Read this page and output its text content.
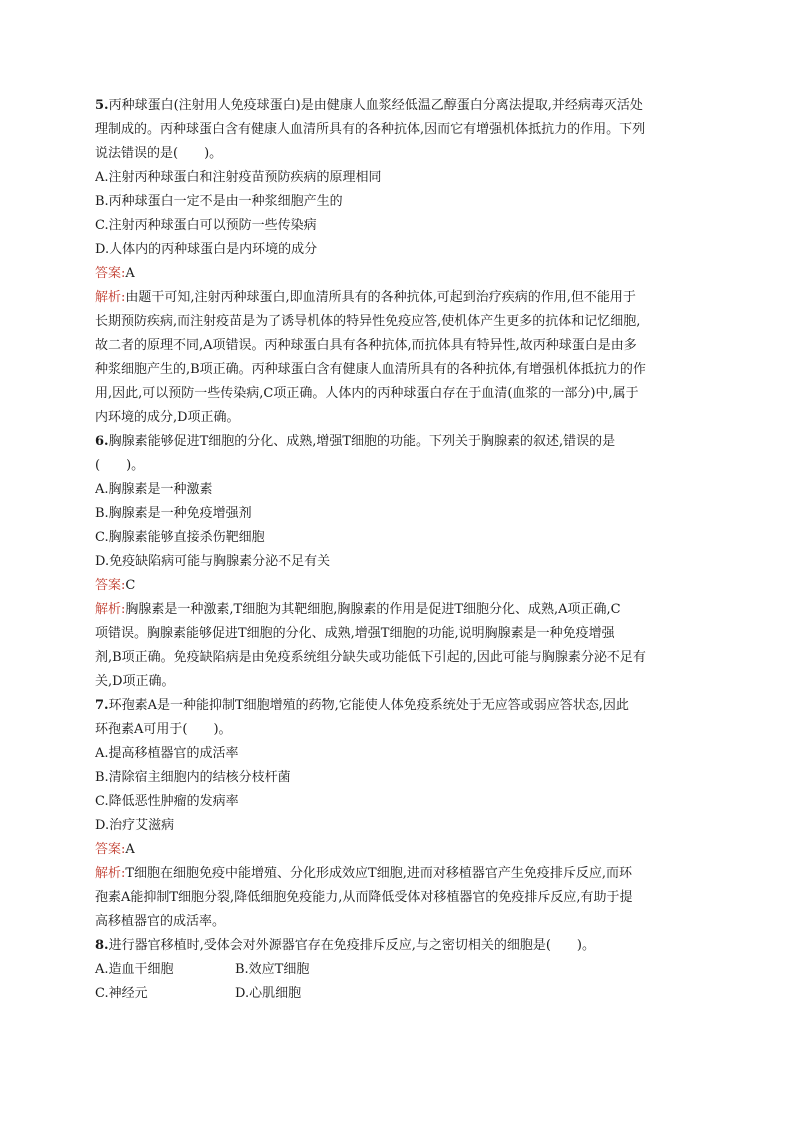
5.丙种球蛋白(注射用人免疫球蛋白)是由健康人血浆经低温乙醇蛋白分离法提取,并经病毒灭活处
理制成的。丙种球蛋白含有健康人血清所具有的各种抗体,因而它有增强机体抵抗力的作用。下列
说法错误的是(　　)。
A.注射丙种球蛋白和注射疫苗预防疾病的原理相同
B.丙种球蛋白一定不是由一种浆细胞产生的
C.注射丙种球蛋白可以预防一些传染病
D.人体内的丙种球蛋白是内环境的成分
答案:A
解析:由题干可知,注射丙种球蛋白,即血清所具有的各种抗体,可起到治疗疾病的作用,但不能用于
长期预防疾病,而注射疫苗是为了诱导机体的特异性免疫应答,使机体产生更多的抗体和记忆细胞,
故二者的原理不同,A项错误。丙种球蛋白具有各种抗体,而抗体具有特异性,故丙种球蛋白是由多
种浆细胞产生的,B项正确。丙种球蛋白含有健康人血清所具有的各种抗体,有增强机体抵抗力的作
用,因此,可以预防一些传染病,C项正确。人体内的丙种球蛋白存在于血清(血浆的一部分)中,属于
内环境的成分,D项正确。
6.胸腺素能够促进T细胞的分化、成熟,增强T细胞的功能。下列关于胸腺素的叙述,错误的是
(　　)。
A.胸腺素是一种激素
B.胸腺素是一种免疫增强剂
C.胸腺素能够直接杀伤靶细胞
D.免疫缺陷病可能与胸腺素分泌不足有关
答案:C
解析:胸腺素是一种激素,T细胞为其靶细胞,胸腺素的作用是促进T细胞分化、成熟,A项正确,C
项错误。胸腺素能够促进T细胞的分化、成熟,增强T细胞的功能,说明胸腺素是一种免疫增强
剂,B项正确。免疫缺陷病是由免疫系统组分缺失或功能低下引起的,因此可能与胸腺素分泌不足有
关,D项正确。
7.环孢素A是一种能抑制T细胞增殖的药物,它能使人体免疫系统处于无应答或弱应答状态,因此
环孢素A可用于(　　)。
A.提高移植器官的成活率
B.清除宿主细胞内的结核分枝杆菌
C.降低恶性肿瘤的发病率
D.治疗艾滋病
答案:A
解析:T细胞在细胞免疫中能增殖、分化形成效应T细胞,进而对移植器官产生免疫排斥反应,而环
孢素A能抑制T细胞分裂,降低细胞免疫能力,从而降低受体对移植器官的免疫排斥反应,有助于提
高移植器官的成活率。
8.进行器官移植时,受体会对外源器官存在免疫排斥反应,与之密切相关的细胞是(　　)。
A.造血干细胞	B.效应T细胞
C.神经元	D.心肌细胞
